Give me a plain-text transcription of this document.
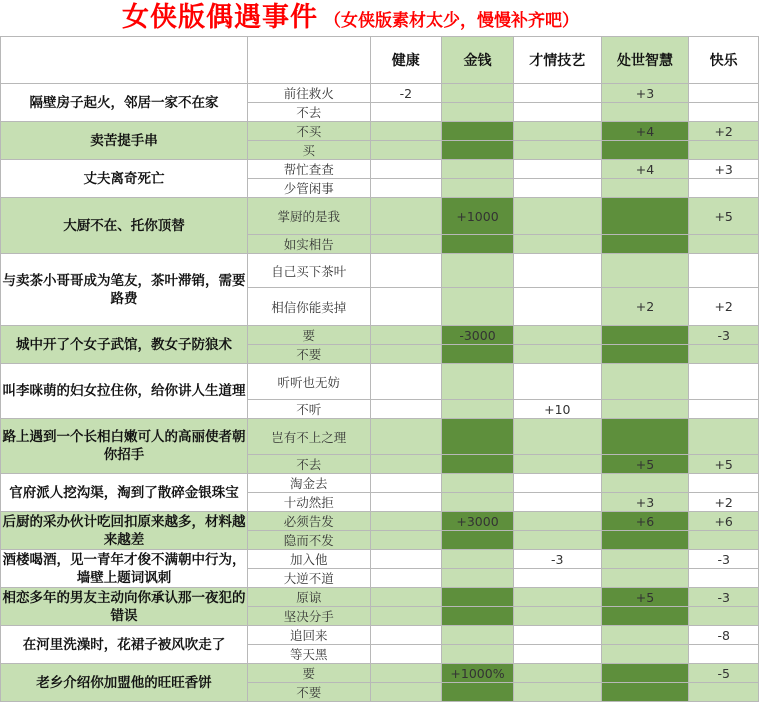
女侠版偶遇事件 （女侠版素材太少，慢慢补齐吧）
		健康	金钱	才情技艺	处世智慧	快乐
隔壁房子起火，邻居一家不在家	前往救火	-2			+3	
	不去					
卖苦提手串	不买				+4	+2
	买					
丈夫离奇死亡	帮忙查查				+4	+3
	少管闲事					
大厨不在、托你顶替	掌厨的是我		+1000			+5
	如实相告					
与卖茶小哥哥成为笔友，茶叶滞销，需要路费	自己买下茶叶					
	相信你能卖掉				+2	+2
城中开了个女子武馆，教女子防狼术	要		-3000			-3
	不要					
叫李咪萌的妇女拉住你，给你讲人生道理	听听也无妨					
	不听			+10		
路上遇到一个长相白嫩可人的高丽使者朝你招手	岂有不上之理					
	不去				+5	+5
官府派人挖沟渠，淘到了散碎金银珠宝	淘金去					
	十动然拒				+3	+2
后厨的采办伙计吃回扣原来越多，材料越来越差	必须告发		+3000		+6	+6
	隐而不发					
酒楼喝酒，见一青年才俊不满朝中行为，墙壁上题词讽刺	加入他			-3		-3
	大逆不道					
相恋多年的男友主动向你承认那一夜犯的错误	原谅				+5	-3
	坚决分手					
在河里洗澡时，花裙子被风吹走了	追回来					-8
	等天黑					
老乡介绍你加盟他的旺旺香饼	要		+1000%			-5
	不要					
